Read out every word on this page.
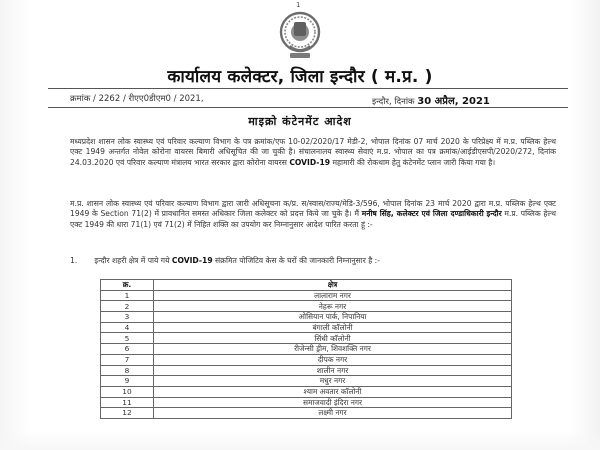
1
कार्यालय कलेक्टर, जिला इन्दौर ( म.प्र. )
क्रमांक / 2262 / रीएए0डीएम0 / 2021,	इन्दौर, दिनांक 30 अप्रैल, 2021
माइक्रो कंटेनमेंट आदेश
मध्यप्रदेश शासन लोक स्वास्थ्य एवं परिवार कल्याण विभाग के पत्र क्रमांक/एफ 10-02/2020/17 मेडी-2, भोपाल दिनांक 07 मार्च 2020 के परिप्रेक्ष्य में म.प्र. पब्लिक हेल्थ एक्ट 1949 अन्तर्गत नोवेल कोरोना वायरस बिमारी अधिसूचित की जा चुकी है। संचालनालय स्वास्थ्य सेवाएं म.प्र. भोपाल का पत्र क्रमांक/आईडीएसपी/2020/272, दिनांक 24.03.2020 एवं परिवार कल्याण मंत्रालय भारत सरकार द्वारा कोरोना वायरस COVID-19 महामारी की रोकथाम हेतु कंटेनमेंट प्लान जारी किया गया है।
म.प्र. शासन लोक स्वास्थ्य एवं परिवार कल्याण विभाग द्वारा जारी अधिसूचना क/प्र. स/स्वास/राज्य/मेडि-3/596, भोपाल दिनांक 23 मार्च 2020 द्वारा म.प्र. पब्लिक हेल्थ एक्ट 1949 के Section 71(2) में प्रावधानित समस्त अधिकार जिला कलेक्टर को प्रदत्त किये जा चुके है। मैं मनीष सिंह, कलेक्टर एवं जिला दण्डाधिकारी इन्दौर म.प्र. पब्लिक हेल्थ एक्ट 1949 की धारा 71(1) एवं 71(2) में निहित शक्ति का उपयोग कर निम्नानुसार आदेश पारित करता हूं :-
1. इन्दौर शहरी क्षेत्र में पाये गये COVID-19 संक्रमित पोजिटिव केस के घरों की जानकारी निम्नानुसार है :-
क्र.	क्षेत्र
1	लालाराम नगर
2	नेहरू नगर
3	ओसियान पार्क, निपानिया
4	बंगाली कॉलोनी
5	सिंधी कॉलोनी
6	रीजेन्सी ड्रीम, शिवशक्ति नगर
7	दीपक नगर
8	शालीन नगर
9	मधुर नगर
10	श्याम अवतार कॉलोनी
11	समाजवादी इंदिरा नगर
12	लक्ष्मी नगर
